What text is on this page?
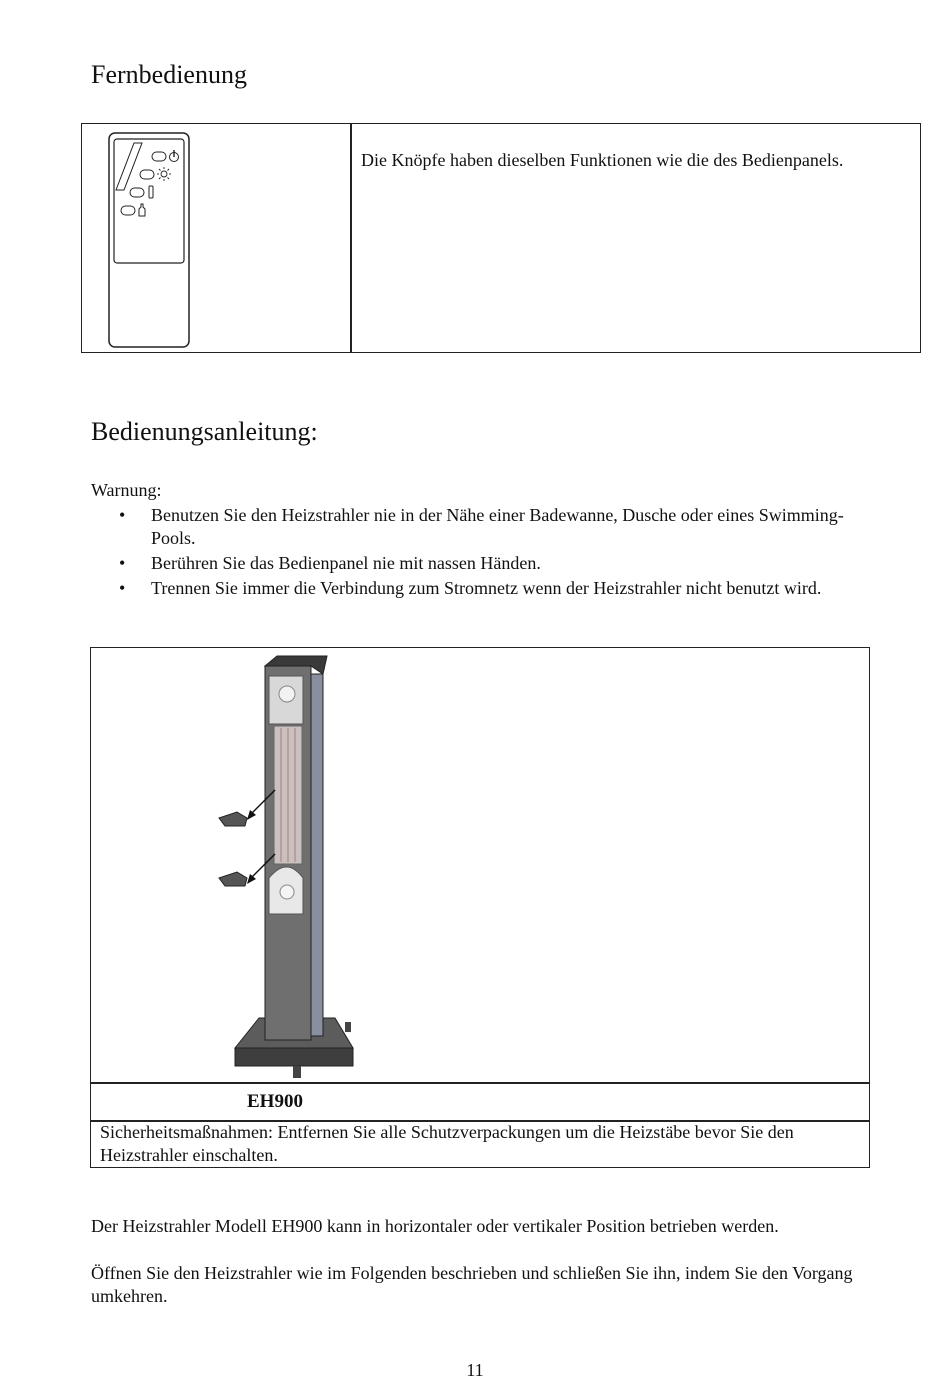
Fernbedienung
Die Knöpfe haben dieselben Funktionen wie die des Bedienpanels.
Bedienungsanleitung:
Warnung:
• Benutzen Sie den Heizstrahler nie in der Nähe einer Badewanne, Dusche oder eines Swimming-Pools.
• Berühren Sie das Bedienpanel nie mit nassen Händen.
• Trennen Sie immer die Verbindung zum Stromnetz wenn der Heizstrahler nicht benutzt wird.
EH900
Sicherheitsmaßnahmen: Entfernen Sie alle Schutzverpackungen um die Heizstäbe bevor Sie den Heizstrahler einschalten.
Der Heizstrahler Modell EH900 kann in horizontaler oder vertikaler Position betrieben werden.
Öffnen Sie den Heizstrahler wie im Folgenden beschrieben und schließen Sie ihn, indem Sie den Vorgang umkehren.
11
